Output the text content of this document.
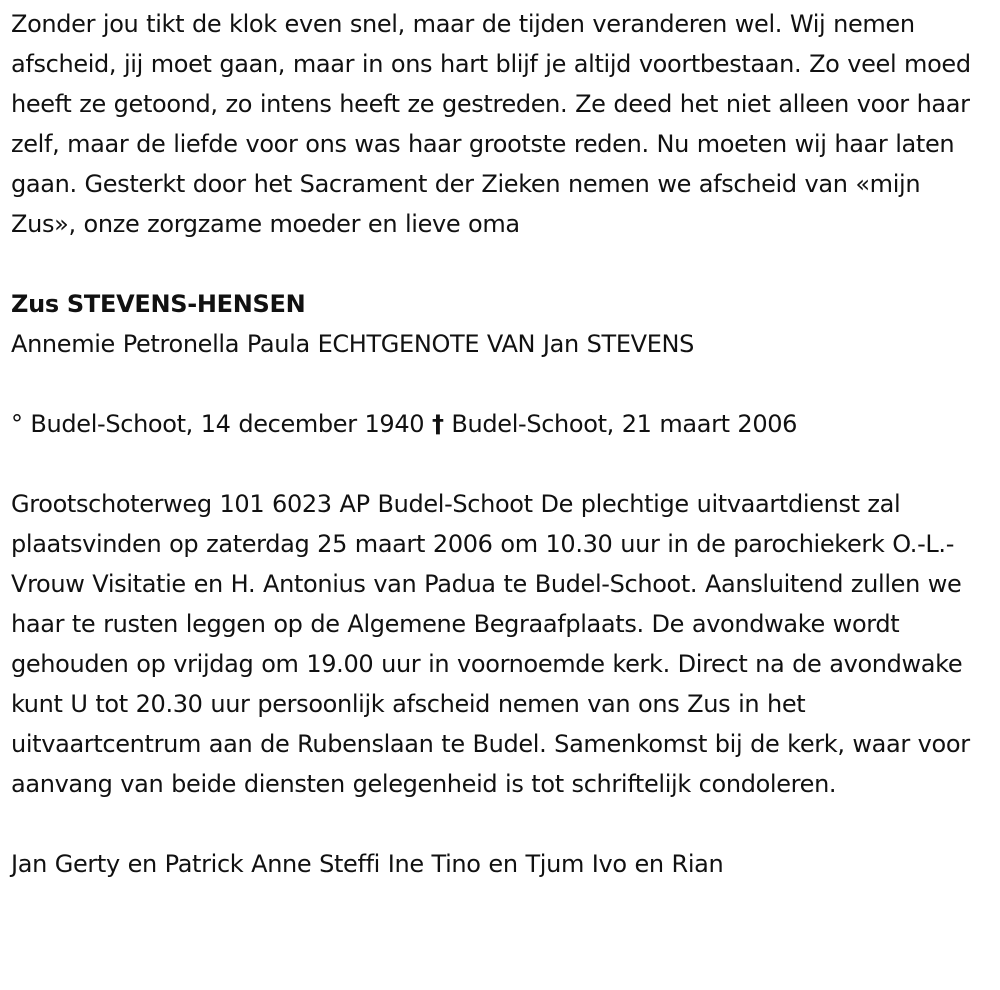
Zonder jou tikt de klok even snel, maar de tijden veranderen wel. Wij nemen afscheid, jij moet gaan, maar in ons hart blijf je altijd voortbestaan. Zo veel moed heeft ze getoond, zo intens heeft ze gestreden. Ze deed het niet alleen voor haar zelf, maar de liefde voor ons was haar grootste reden. Nu moeten wij haar laten gaan. Gesterkt door het Sacrament der Zieken nemen we afscheid van «mijn Zus», onze zorgzame moeder en lieve oma

Zus STEVENS-HENSEN

Annemie Petronella Paula ECHTGENOTE VAN Jan STEVENS

° Budel-Schoot, 14 december 1940 † Budel-Schoot, 21 maart 2006

Grootschoterweg 101 6023 AP Budel-Schoot De plechtige uitvaartdienst zal plaatsvinden op zaterdag 25 maart 2006 om 10.30 uur in de parochiekerk O.-L.-Vrouw Visitatie en H. Antonius van Padua te Budel-Schoot. Aansluitend zullen we haar te rusten leggen op de Algemene Begraafplaats. De avondwake wordt gehouden op vrijdag om 19.00 uur in voornoemde kerk. Direct na de avondwake kunt U tot 20.30 uur persoonlijk afscheid nemen van ons Zus in het uitvaartcentrum aan de Rubenslaan te Budel. Samenkomst bij de kerk, waar voor aanvang van beide diensten gelegenheid is tot schriftelijk condoleren.

Jan Gerty en Patrick Anne Steffi Ine Tino en Tjum Ivo en Rian
